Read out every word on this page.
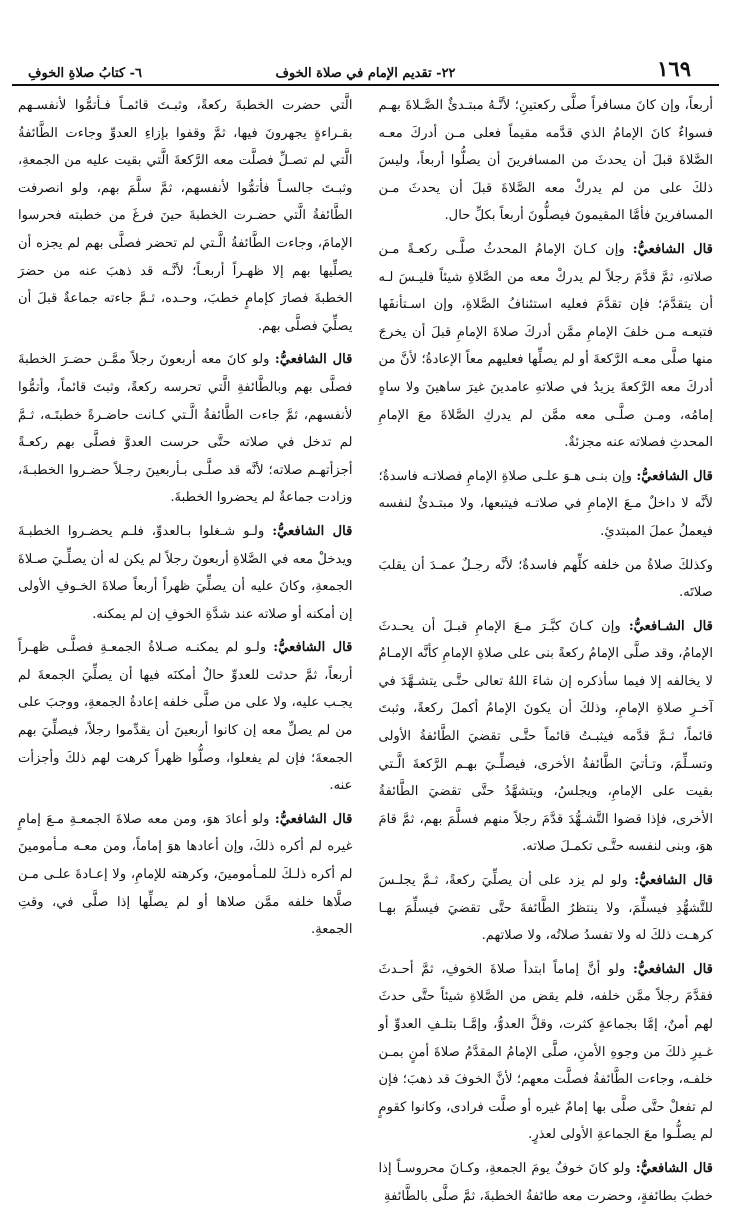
١٦٩
٢٢- تقديم الإمام في صلاة الخوف
٦- كتابُ صلاةِ الخوفِ

أربعاً، وإن كانَ مسافراً صلَّى ركعتينِ؛ لأنَّـهُ مبتـدئٌ الصَّـلاةَ بهـم فسواءٌ كانَ الإمامُ الذي قدَّمه مقيماً فعلى مـن أدركَ معـه الصَّلاةَ قبلَ أن يحدثَ من المسافرينَ أن يصلُّوا أربعاً، وليسَ ذلكَ على من لم يدركْ معه الصَّلاةَ قبلَ أن يحدثَ مـن المسافرينَ فأمَّا المقيمونَ فيصلُّونَ أربعاً بكلِّ حال.

قال الشافعيُّ: وإن كـانَ الإمامُ المحدثُ صلَّـى ركعـةً مـن صلاتهِ، ثمَّ قدَّمَ رجلاً لم يدركْ معه من الصَّلاةِ شيئاً فليـسَ لـه أن يتقدَّمَ؛ فإن تقدَّمَ فعليه استئنافُ الصَّلاةِ، وإن اسـتأنفَها فتبعـه مـن خلفَ الإمامِ ممَّن أدركَ صلاةَ الإمامِ قبلَ أن يخرجَ منها صلَّى معـه الرَّكعةَ أو لم يصلِّها فعليهم معاً الإعادةُ؛ لأنَّ من أدركَ معه الرَّكعةَ يزيدُ في صلاتهِ عامدينَ غيرَ ساهينَ ولا ساهٍ إمامُه، ومـن صلَّـى معه ممَّن لم يدركِ الصَّلاةَ معَ الإمامِ المحدثِ فصلاته عنه مجزئةٌ.

قال الشافعيُّ: وإن بنـى هـوَ علـى صلاةِ الإمامِ فصلاتـه فاسدةٌ؛ لأنَّه لا داخلٌ مـعَ الإمامِ في صلاتـه فيتبعها، ولا مبتـدئٌ لنفسه فيعملُ عملَ المبتدئِ.

وكذلكَ صلاةُ من خلفه كلِّهم فاسدةٌ؛ لأنَّه رجـلٌ عمـدَ أن يقلبَ صلاتَه.

قال الشـافعيُّ: وإن كـانَ كبَّـرَ مـعَ الإمامِ قبـلَ أن يحـدثَ الإمامُ، وقد صلَّى الإمامُ ركعةً بنى على صلاةِ الإمامِ كأنَّه الإمـامُ لا يخالفه إلا فيما سأذكره إن شاءَ اللهُ تعالى حتَّـى يتشـهَّدَ في آخـرِ صلاةِ الإمامِ، وذلكَ أن يكونَ الإمامُ أكملَ ركعةً، وثبتَ قائماً، ثـمَّ قدَّمه فيثبـتُ قائماً حتَّـى تقضيَ الطَّائفةُ الأولى وتسـلِّمَ، وتـأتيَ الطَّائفةُ الأخرى، فيصلِّـيَ بهـم الرَّكعةَ الَّـتي بقيت على الإمامِ، ويجلسُ، ويتشهَّدُ حتَّى تقضيَ الطَّائفةُ الأخرى، فإذا قضوا التَّشـهُّدَ قدَّمَ رجلاً منهم فسلَّمَ بهم، ثمَّ قامَ هوَ، وبنى لنفسه حتَّـى تكمـلَ صلاته.

قال الشافعيُّ: ولو لم يزد على أن يصلِّيَ ركعةً، ثـمَّ يجلـسَ للتَّشهُّدِ فيسلِّمَ، ولا ينتظرُ الطَّائفةَ حتَّى تقضيَ فيسلِّمَ بهـا كرهـت ذلكَ له ولا تفسدُ صلاتُه، ولا صلاتهم.

قال الشافعيُّ: ولو أنَّ إماماً ابتدأ صلاةَ الخوفِ، ثمَّ أحـدثَ فقدَّمَ رجلاً ممَّن خلفه، فلم يقض من الصَّلاةِ شيئاً حتَّى حدثَ لهم أمنٌ، إمَّا بجماعةٍ كثرت، وقلَّ العدوُّ، وإمَّـا بتلـفِ العدوِّ أو غـيرِ ذلكَ من وجوهِ الأمنِ، صلَّى الإمامُ المقدَّمُ صلاةَ أمنٍ بمـن خلفـه، وجاءت الطَّائفةُ فصلَّت معهم؛ لأنَّ الخوفَ قد ذهبَ؛ فإن لم تفعلْ حتَّى صلَّى بها إمامٌ غيره أو صلَّت فرادى، وكانوا كقومٍ لم يصلُّـوا معَ الجماعةِ الأولى لعذرٍ.

قال الشافعيُّ: ولو كانَ خوفٌ يومَ الجمعةِ، وكـانَ محروسـاً إذا خطبَ بطائفةٍ، وحضرت معه طائفةُ الخطبةَ، ثمَّ صلَّى بالطَّائفةِ

الَّتي حضرت الخطبةَ ركعةً، وثبـتَ قائمـاً فـأتمُّوا لأنفسـهم بقـراءةٍ يجهرونَ فيها، ثمَّ وقفوا بإزاءِ العدوِّ وجاءت الطَّائفةُ الَّتي لم تصـلِّ فصلَّت معه الرَّكعةَ الَّتي بقيت عليه من الجمعةِ، وثبـتَ جالسـاً فأتمُّوا لأنفسهم، ثمَّ سلَّمَ بهم، ولو انصرفت الطَّائفةُ الَّتي حضـرت الخطبةَ حينَ فرغَ من خطبته فحرسوا الإمامَ، وجاءت الطَّائفةُ الَّـتي لم تحضر فصلَّى بهم لم يجزه أن يصلِّيها بهم إلا ظهـراً أربعـاً؛ لأنَّـه قد ذهبَ عنه من حضرَ الخطبةَ فصارَ كإمامٍ خطبَ، وحـده، ثـمَّ جاءته جماعةٌ قبلَ أن يصلِّيَ فصلَّى بهم.

قال الشافعيُّ: ولو كانَ معه أربعونَ رجلاً ممَّـن حضـرَ الخطبةَ فصلَّى بهم وبالطَّائفةِ الَّتي تحرسه ركعةً، وثبتَ قائماً، وأتمُّوا لأنفسهم، ثمَّ جاءت الطَّائفةُ الَّـتي كـانت حاضـرةً خطبتَـه، ثـمَّ لم تدخل في صلاته حتَّى حرست العدوَّ فصلَّى بهم ركعـةً أجزأتهـم صلاته؛ لأنَّه قد صلَّـى بـأربعينَ رجـلاً حضـروا الخطبـةَ، وزادت جماعةٌ لم يحضروا الخطبةَ.

قال الشافعيُّ: ولـو شـغلوا بـالعدوِّ، فلـم يحضـروا الخطبـةَ ويدخلْ معه في الصَّلاةِ أربعونَ رجلاً لم يكن له أن يصلِّـيَ صـلاةَ الجمعةِ، وكانَ عليه أن يصلِّيَ ظهراً أربعاً صلاةَ الخـوفِ الأولى إن أمكنه أو صلاته عند شدَّةِ الخوفِ إن لم يمكنه.

قال الشافعيُّ: ولـو لم يمكنـه صـلاةُ الجمعـةِ فصلَّـى ظهـراً أربعاً، ثمَّ حدثت للعدوِّ حالٌ أمكنَه فيها أن يصلِّيَ الجمعةَ لم يجـب عليه، ولا على من صلَّى خلفه إعادةُ الجمعةِ، ووجبَ على من لم يصلِّ معه إن كانوا أربعينَ أن يقدِّموا رجلاً، فيصلِّيَ بهم الجمعةَ؛ فإن لم يفعلوا، وصلُّوا ظهراً كرهت لهم ذلكَ وأجزأت عنه.

قال الشافعيُّ: ولو أعادَ هوَ، ومن معه صلاةَ الجمعـةِ مـعَ إمامٍ غيره لم أكره ذلكَ، وإن أعادها هوَ إماماً، ومن معـه مـأمومينَ لم أكره ذلـكَ للمـأمومينَ، وكرهته للإمامِ، ولا إعـادةَ علـى مـن صلَّاها خلفه ممَّن صلاها أو لم يصلِّها إذا صلَّى في، وقتِ الجمعةِ.
